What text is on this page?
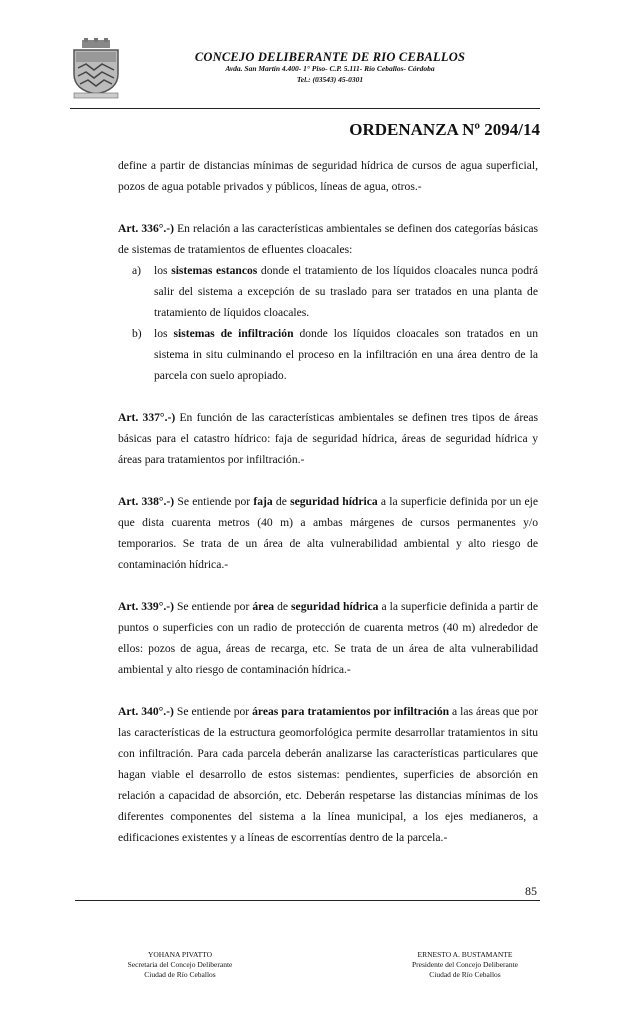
CONCEJO DELIBERANTE DE RIO CEBALLOS
Avda. San Martín 4.400- 1° Piso- C.P. 5.111- Río Ceballos- Córdoba
Tel.: (03543) 45-0301
ORDENANZA Nº 2094/14

define a partir de distancias mínimas de seguridad hídrica de cursos de agua superficial, pozos de agua potable privados y públicos, líneas de agua, otros.-

Art. 336°.-) En relación a las características ambientales se definen dos categorías básicas de sistemas de tratamientos de efluentes cloacales:

a)	los sistemas estancos donde el tratamiento de los líquidos cloacales nunca podrá salir del sistema a excepción de su traslado para ser tratados en una planta de tratamiento de líquidos cloacales.
b)	los sistemas de infiltración donde los líquidos cloacales son tratados en un sistema in situ culminando el proceso en la infiltración en una área dentro de la parcela con suelo apropiado.

Art. 337°.-) En función de las características ambientales se definen tres tipos de áreas básicas para el catastro hídrico: faja de seguridad hídrica, áreas de seguridad hídrica y áreas para tratamientos por infiltración.-

Art. 338°.-) Se entiende por faja de seguridad hídrica a la superficie definida por un eje que dista cuarenta metros (40 m) a ambas márgenes de cursos permanentes y/o temporarios. Se trata de un área de alta vulnerabilidad ambiental y alto riesgo de contaminación hídrica.-

Art. 339°.-) Se entiende por área de seguridad hídrica a la superficie definida a partir de puntos o superficies con un radio de protección de cuarenta metros (40 m) alrededor de ellos: pozos de agua, áreas de recarga, etc. Se trata de un área de alta vulnerabilidad ambiental y alto riesgo de contaminación hídrica.-

Art. 340°.-) Se entiende por áreas para tratamientos por infiltración a las áreas que por las características de la estructura geomorfológica permite desarrollar tratamientos in situ con infiltración. Para cada parcela deberán analizarse las características particulares que hagan viable el desarrollo de estos sistemas: pendientes, superficies de absorción en relación a capacidad de absorción, etc. Deberán respetarse las distancias mínimas de los diferentes componentes del sistema a la línea municipal, a los ejes medianeros, a edificaciones existentes y a líneas de escorrentías dentro de la parcela.-

85
YOHANA PIVATTO
Secretaria del Concejo Deliberante
Ciudad de Río Ceballos
ERNESTO A. BUSTAMANTE
Presidente del Concejo Deliberante
Ciudad de Río Ceballos
